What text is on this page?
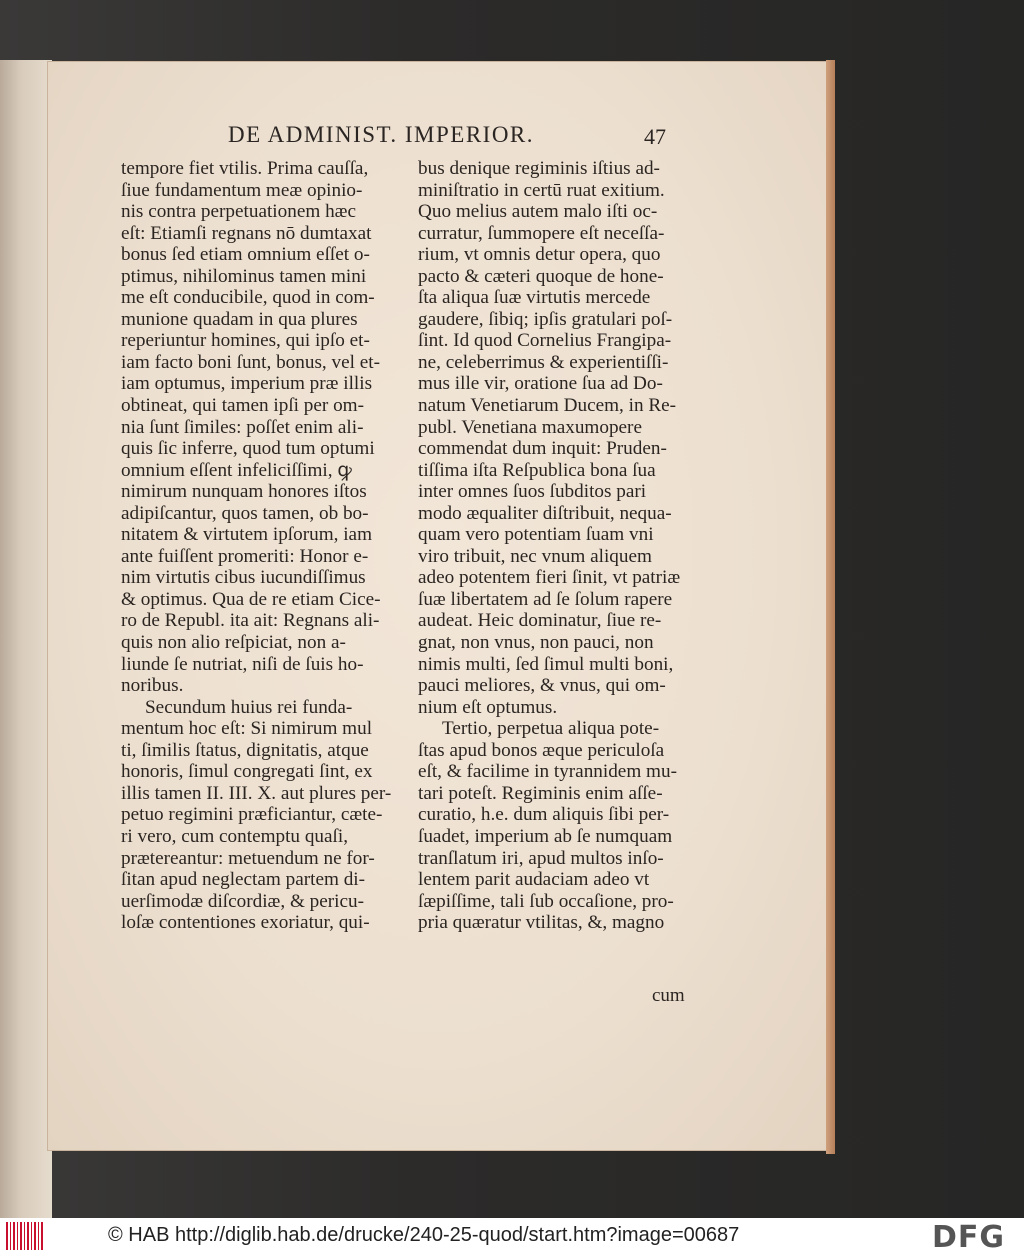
DE ADMINIST. IMPERIOR.	47
tempore fiet vtilis. Prima cauſſa,
ſiue fundamentum meæ opinio-
nis contra perpetuationem hæc
eſt: Etiamſi regnans nō dumtaxat
bonus ſed etiam omnium eſſet o-
ptimus, nihilominus tamen mini
me eſt conducibile, quod in com-
munione quadam in qua plures
reperiuntur homines, qui ipſo et-
iam facto boni ſunt, bonus, vel et-
iam optumus, imperium præ illis
obtineat, qui tamen ipſi per om-
nia ſunt ſimiles: poſſet enim ali-
quis ſic inferre, quod tum optumi
omnium eſſent infeliciſſimi, ꝙ
nimirum nunquam honores iſtos
adipiſcantur, quos tamen, ob bo-
nitatem & virtutem ipſorum, iam
ante fuiſſent promeriti: Honor e-
nim virtutis cibus iucundiſſimus
& optimus. Qua de re etiam Cice-
ro de Republ. ita ait: Regnans ali-
quis non alio reſpiciat, non a-
liunde ſe nutriat, niſi de ſuis ho-
noribus.
Secundum huius rei funda-
mentum hoc eſt: Si nimirum mul
ti, ſimilis ſtatus, dignitatis, atque
honoris, ſimul congregati ſint, ex
illis tamen II. III. X. aut plures per-
petuo regimini præficiantur, cæte-
ri vero, cum contemptu quaſi,
prætereantur: metuendum ne for-
ſitan apud neglectam partem di-
uerſimodæ diſcordiæ, & pericu-
loſæ contentiones exoriatur, qui-
bus denique regiminis iſtius ad-
miniſtratio in certū ruat exitium.
Quo melius autem malo iſti oc-
curratur, ſummopere eſt neceſſa-
rium, vt omnis detur opera, quo
pacto & cæteri quoque de hone-
ſta aliqua ſuæ virtutis mercede
gaudere, ſibiq; ipſis gratulari poſ-
ſint. Id quod Cornelius Frangipa-
ne, celeberrimus & experientiſſi-
mus ille vir, oratione ſua ad Do-
natum Venetiarum Ducem, in Re-
publ. Venetiana maxumopere
commendat dum inquit: Pruden-
tiſſima iſta Reſpublica bona ſua
inter omnes ſuos ſubditos pari
modo æqualiter diſtribuit, nequa-
quam vero potentiam ſuam vni
viro tribuit, nec vnum aliquem
adeo potentem fieri ſinit, vt patriæ
ſuæ libertatem ad ſe ſolum rapere
audeat. Heic dominatur, ſiue re-
gnat, non vnus, non pauci, non
nimis multi, ſed ſimul multi boni,
pauci meliores, & vnus, qui om-
nium eſt optumus.
Tertio, perpetua aliqua pote-
ſtas apud bonos æque periculoſa
eſt, & facilime in tyrannidem mu-
tari poteſt. Regiminis enim aſſe-
curatio, h.e. dum aliquis ſibi per-
ſuadet, imperium ab ſe numquam
tranſlatum iri, apud multos inſo-
lentem parit audaciam adeo vt
ſæpiſſime, tali ſub occaſione, pro-
pria quæratur vtilitas, &, magno
cum
© HAB http://diglib.hab.de/drucke/240-25-quod/start.htm?image=00687	DFG
